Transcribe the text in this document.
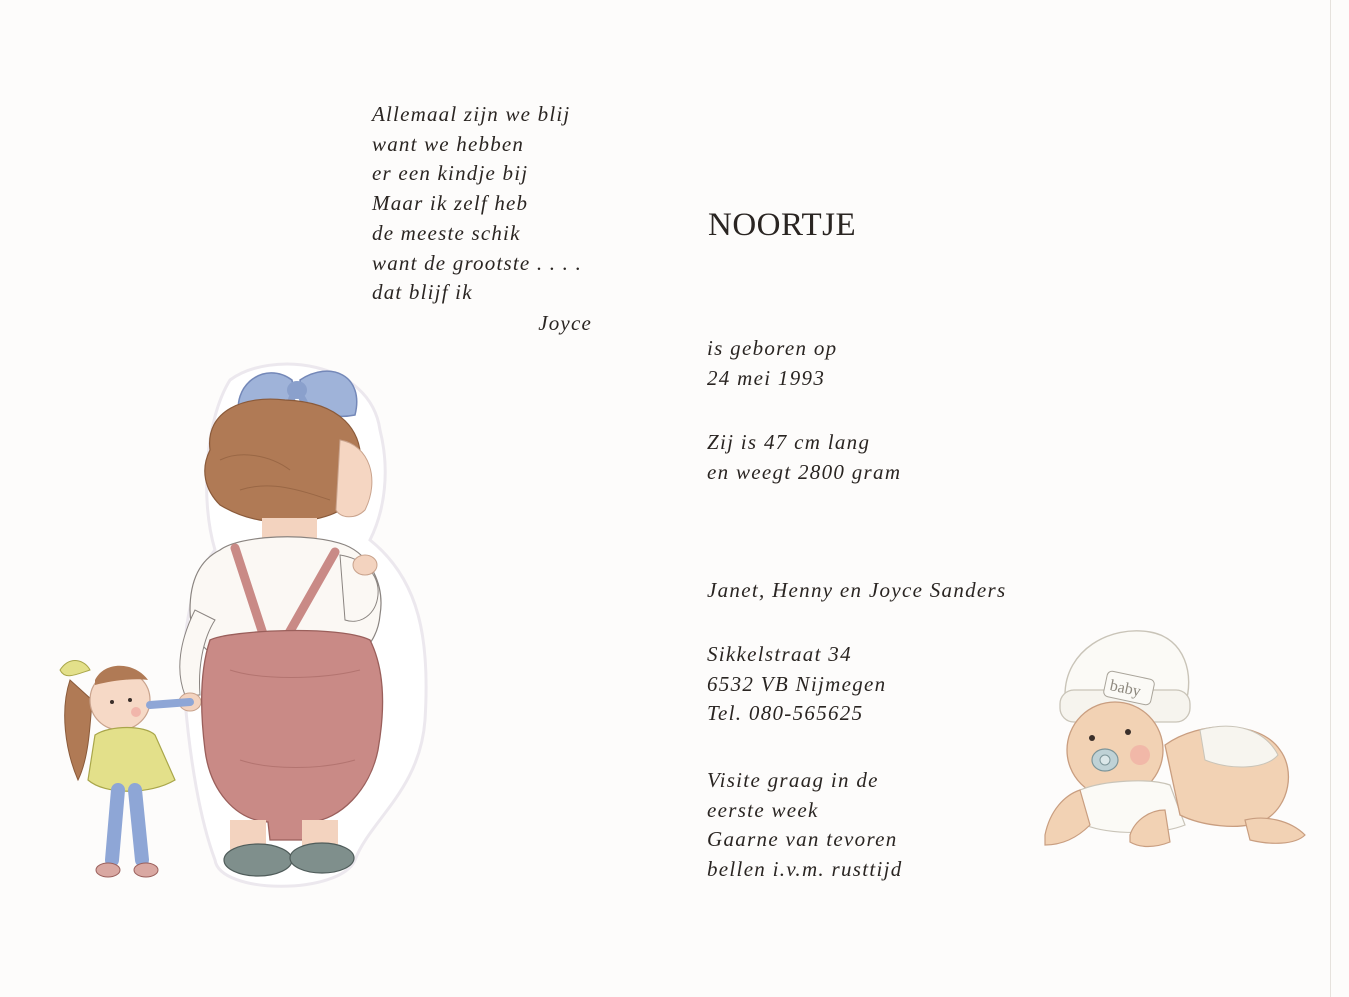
Allemaal zijn we blij
want we hebben
er een kindje bij
Maar ik zelf heb
de meeste schik
want de grootste . . . .
dat blijf ik
Joyce
NOORTJE
is geboren op
24 mei 1993
Zij is 47 cm lang
en weegt 2800 gram
Janet, Henny en Joyce Sanders
Sikkelstraat 34
6532 VB Nijmegen
Tel. 080-565625
Visite graag in de
eerste week
Gaarne van tevoren
bellen i.v.m. rusttijd
baby
